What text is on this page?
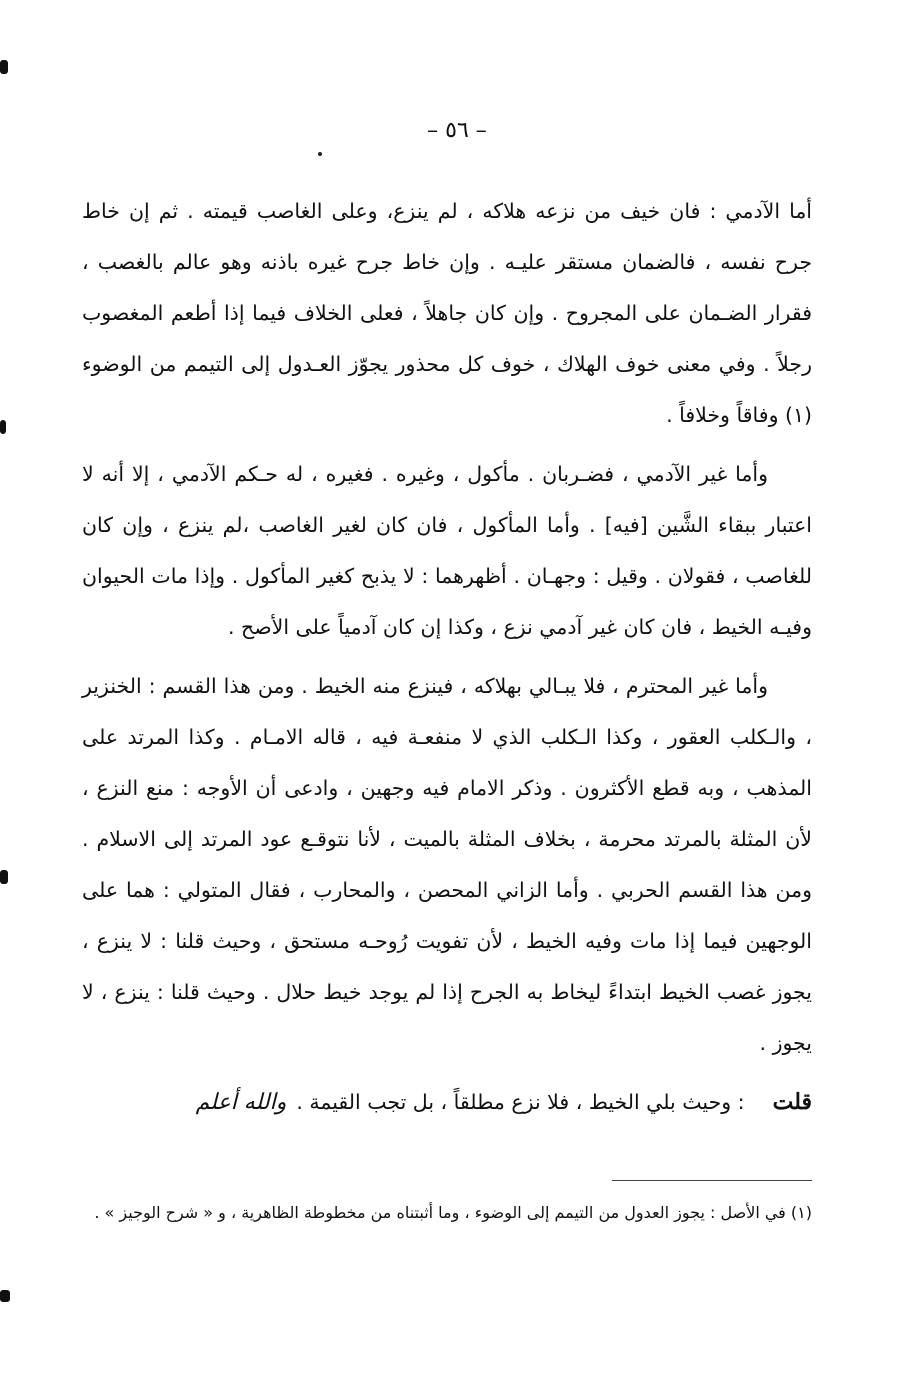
– ٥٦ –

أما الآدمي : فان خيف من نزعه هلاكه ، لم ينزع، وعلى الغاصب قيمته . ثم إن خاط جرح نفسه ، فالضمان مستقر عليـه . وإن خاط جرح غيره باذنه وهو عالم بالغصب ، فقرار الضـمان على المجروح . وإن كان جاهلاً ، فعلى الخلاف فيما إذا أطعم المغصوب رجلاً . وفي معنى خوف الهلاك ، خوف كل محذور يجوّز العـدول إلى التيمم من الوضوء (١) وفاقاً وخلافاً .

وأما غير الآدمي ، فضـربان . مأكول ، وغيره . فغيره ، له حـكم الآدمي ، إلا أنه لا اعتبار ببقاء الشَّين [فيه] . وأما المأكول ، فان كان لغير الغاصب ،لم ينزع ، وإن كان للغاصب ، فقولان . وقيل : وجهـان . أظهرهما : لا يذبح كغير المأكول . وإذا مات الحيوان وفيـه الخيط ، فان كان غير آدمي نزع ، وكذا إن كان آدمياً على الأصح .

وأما غير المحترم ، فلا يبـالي بهلاكه ، فينزع منه الخيط . ومن هذا القسم : الخنزير ، والـكلب العقور ، وكذا الـكلب الذي لا منفعـة فيه ، قاله الامـام . وكذا المرتد على المذهب ، وبه قطع الأكثرون . وذكر الامام فيه وجهين ، وادعى أن الأوجه : منع النزع ، لأن المثلة بالمرتد محرمة ، بخلاف المثلة بالميت ، لأنا نتوقـع عود المرتد إلى الاسلام . ومن هذا القسم الحربي . وأما الزاني المحصن ، والمحارب ، فقال المتولي : هما على الوجهين فيما إذا مات وفيه الخيط ، لأن تفويت رُوحـه مستحق ، وحيث قلنا : لا ينزع ، يجوز غصب الخيط ابتداءً ليخاط به الجرح إذا لم يوجد خيط حلال . وحيث قلنا : ينزع ، لا يجوز .

قلت: وحيث بلي الخيط ، فلا نزع مطلقاً ، بل تجب القيمة .والله أعلم

(١) في الأصل : يجوز العدول من التيمم إلى الوضوء ، وما أثبتناه من مخطوطة الظاهرية ، و « شرح الوجيز » .
